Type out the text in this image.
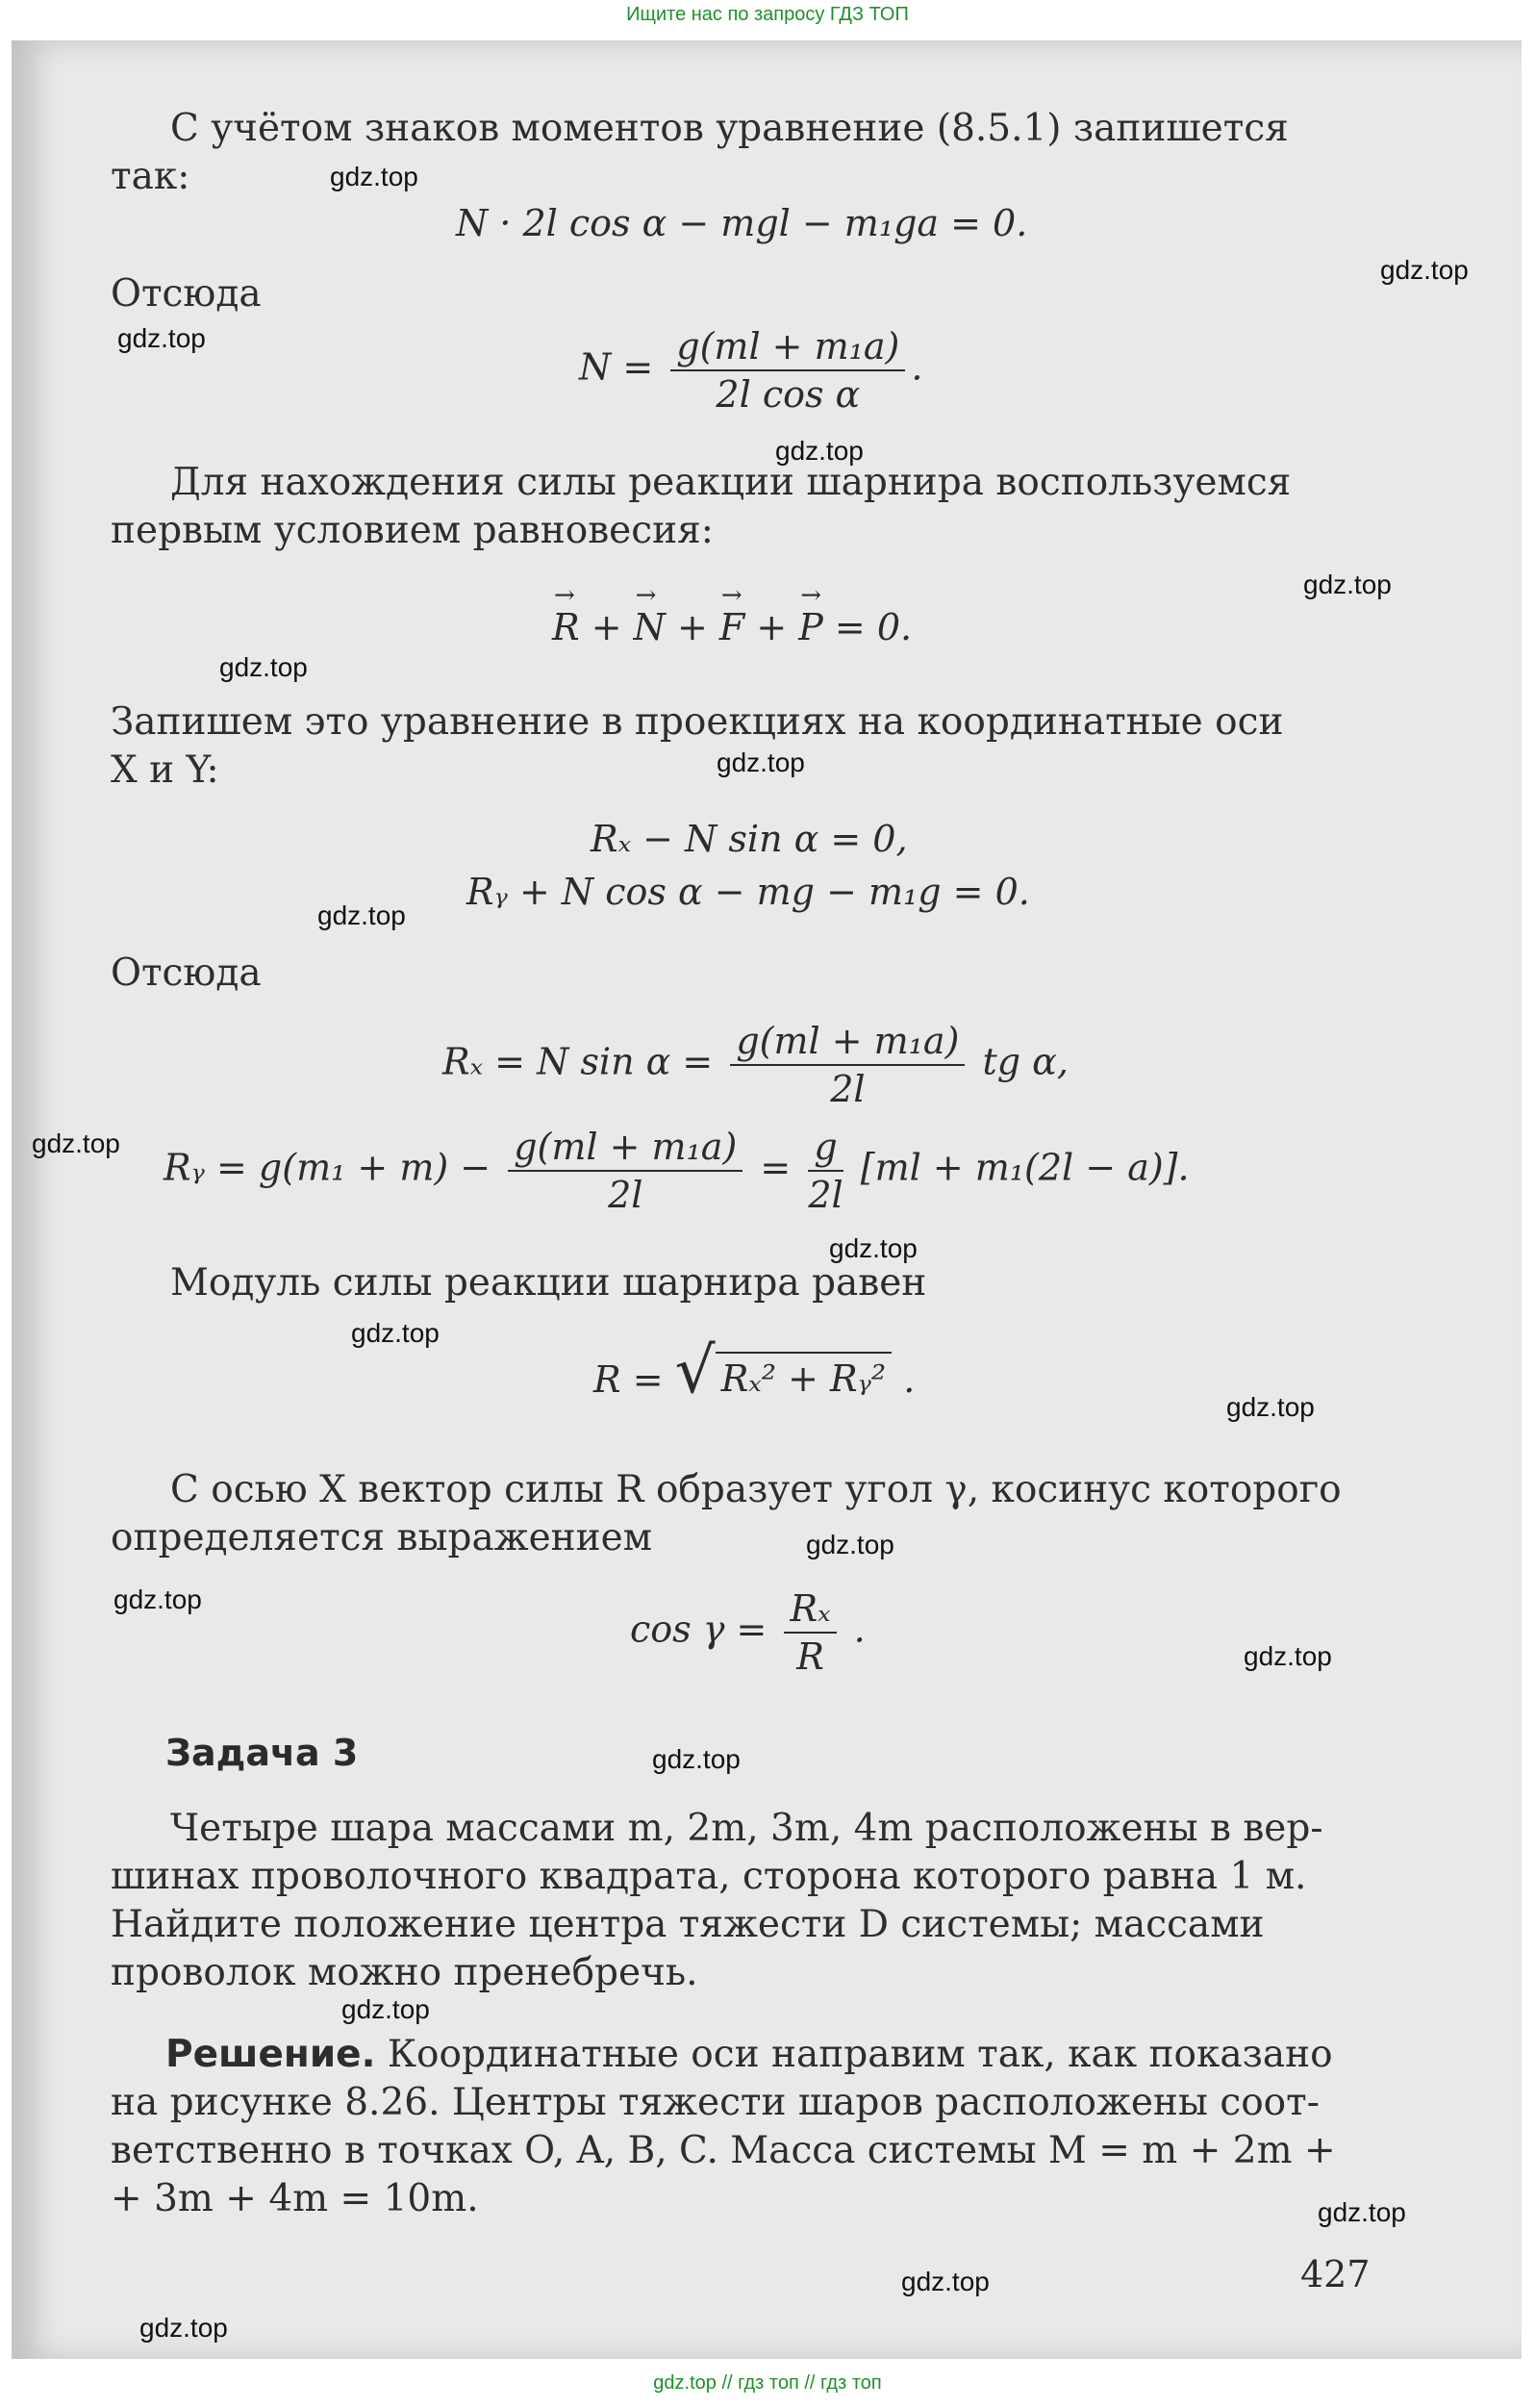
Ищите нас по запросу ГДЗ ТОП
С учётом знаков моментов уравнение (8.5.1) запишется
так:
N · 2l cos α − mgl − m₁ga = 0.
Отсюда
$N = \frac{\text{g(ml + m₁a)}}{\text{2l cos α}}$ .
Для нахождения силы реакции шарнира воспользуемся
первым условием равновесия:
→ R + → N + → F + → P = 0.
Запишем это уравнение в проекциях на координатные оси
X и Y:
Rₓ − N sin α = 0,
Rᵧ + N cos α − mg − m₁g = 0.
Отсюда
Rₓ = N $\sin \alpha = \frac{\text{g(ml + m₁a)}}{2l}$ tg α,
Rᵧ = $g(m_1 + m) - \frac{\text{g(ml + m₁a)}}{2l} = \frac{g}{2l} [ml + m_1(2l - a)]$.
Модуль силы реакции шарнира равен
R = √ Rₓ² + Rᵧ² .
С осью X вектор силы R образует угол γ, косинус которого
определяется выражением
$\cos \gamma = \frac{\text{Rₓ}}{R}$ .
Задача 3
Четыре шара массами m, 2m, 3m, 4m расположены в вер-
шинах проволочного квадрата, сторона которого равна 1 м.
Найдите положение центра тяжести D системы; массами
проволок можно пренебречь.
Решение. Координатные оси направим так, как показано
на рисунке 8.26. Центры тяжести шаров расположены соот-
ветственно в точках O, A, B, C. Масса системы M = m + 2m +
+ 3m + 4m = 10m.
427
gdz.top
gdz.top
gdz.top
gdz.top
gdz.top
gdz.top
gdz.top
gdz.top
gdz.top
gdz.top
gdz.top
gdz.top
gdz.top
gdz.top
gdz.top
gdz.top
gdz.top
gdz.top
gdz.top
gdz.top
gdz.top // гдз топ // гдз топ
